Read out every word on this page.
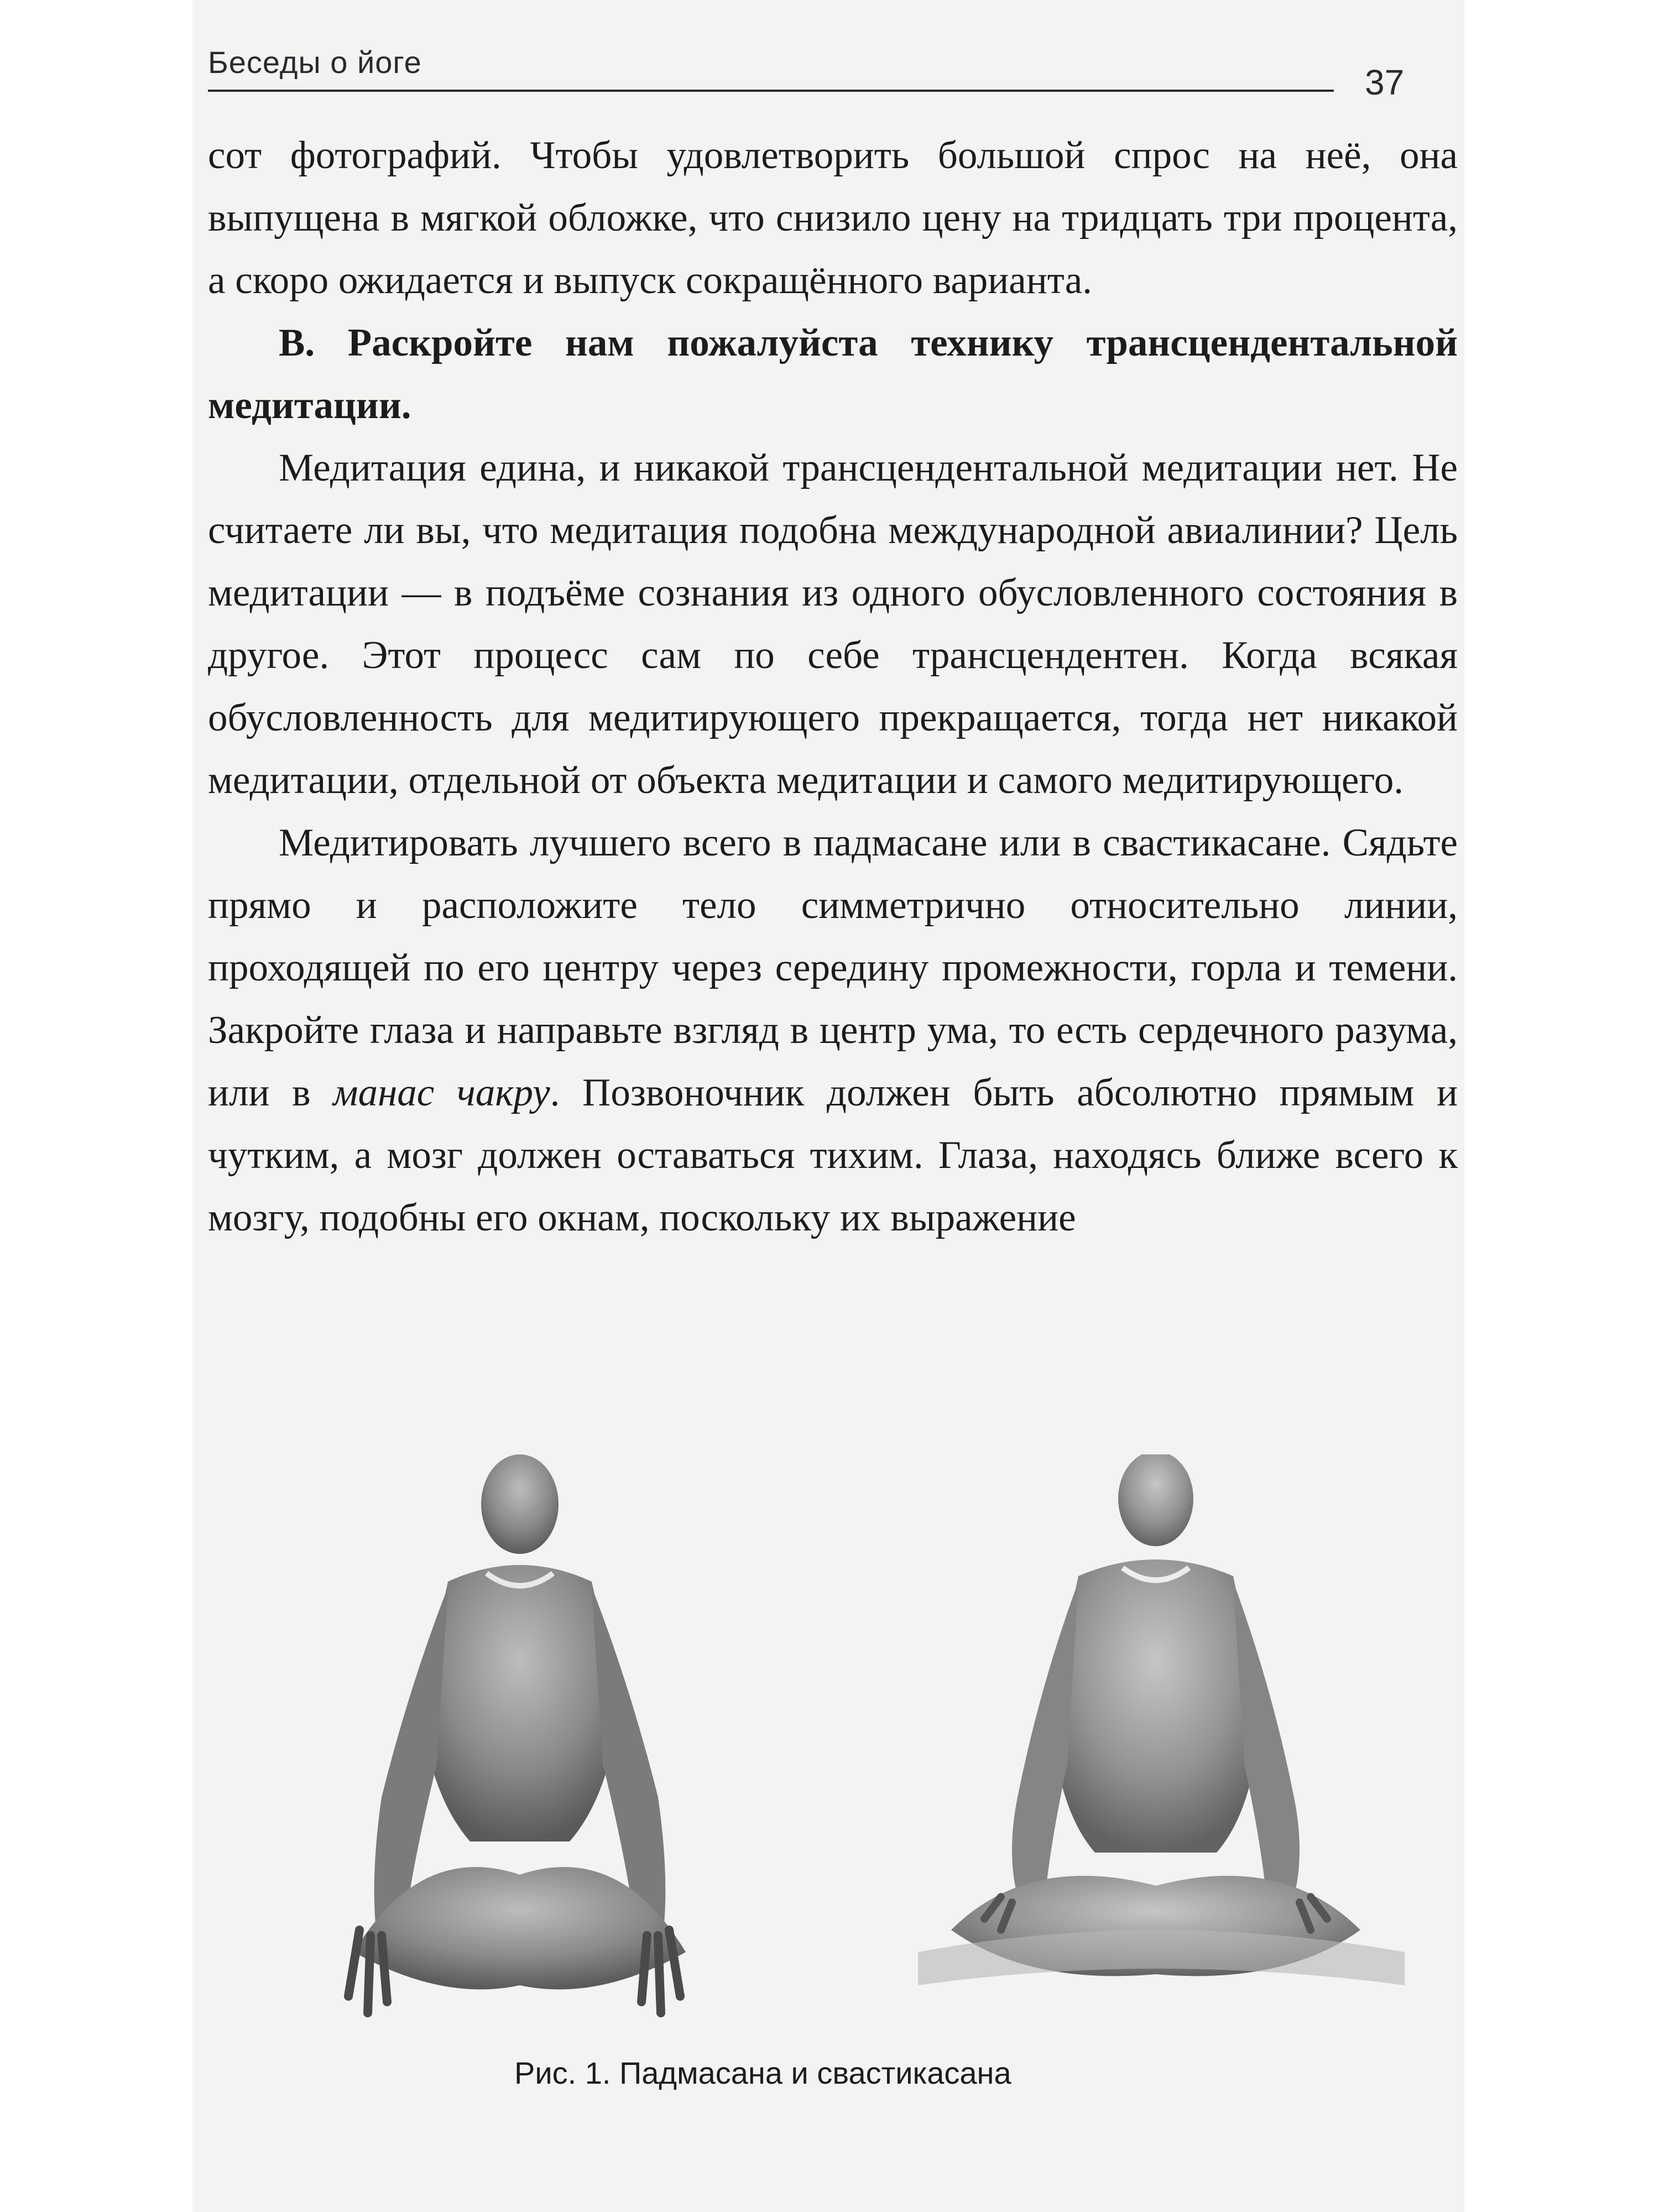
Беседы о йоге
37

сот фотографий. Чтобы удовлетворить большой спрос на неё, она выпущена в мягкой обложке, что снизило цену на тридцать три процента, а скоро ожидается и выпуск сокращённого варианта.

В. Раскройте нам пожалуйста технику трансцендентальной медитации.

Медитация едина, и никакой трансцендентальной медитации нет. Не считаете ли вы, что медитация подобна международной авиалинии? Цель медитации — в подъёме сознания из одного обусловленного состояния в другое. Этот процесс сам по себе трансцендентен. Когда всякая обусловленность для медитирующего прекращается, тогда нет никакой медитации, отдельной от объекта медитации и самого медитирующего.

Медитировать лучшего всего в падмасане или в свастикасане. Сядьте прямо и расположите тело симметрично относительно линии, проходящей по его центру через середину промежности, горла и темени. Закройте глаза и направьте взгляд в центр ума, то есть сердечного разума, или в манас чакру. Позвоночник должен быть абсолютно прямым и чутким, а мозг должен оставаться тихим. Глаза, находясь ближе всего к мозгу, подобны его окнам, поскольку их выражение

Рис. 1. Падмасана и свастикасана
